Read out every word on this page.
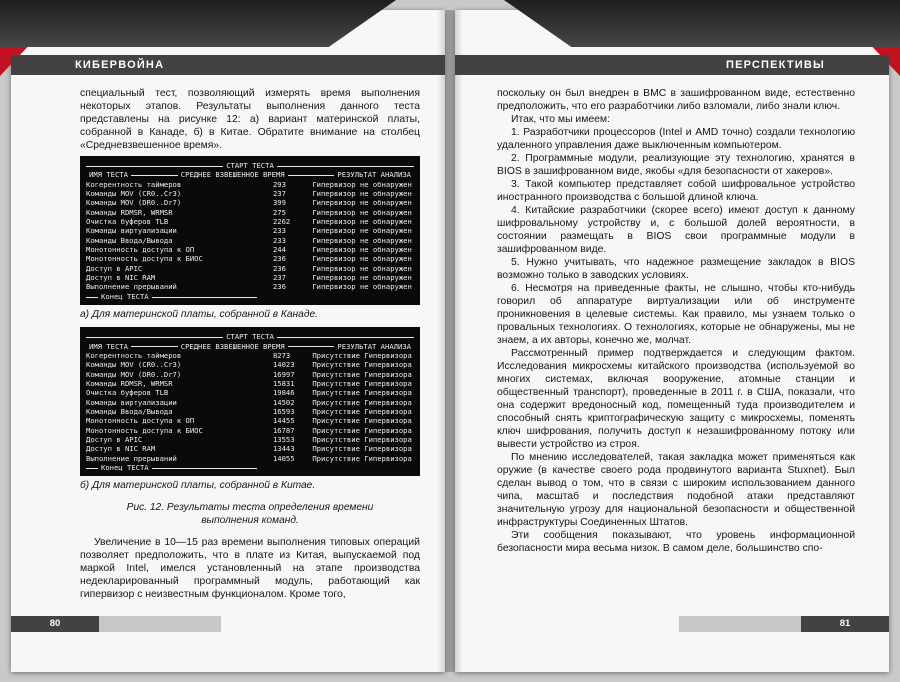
КИБЕРВОЙНА	ПЕРСПЕКТИВЫ

специальный тест, позволяющий измерять время выполнения некоторых этапов. Результаты выполнения данного теста представлены на рисунке 12: а) вариант материнской платы, собранной в Канаде, б) в Китае. Обратите внимание на столбец «Средневзвешенное время».

СТАРТ ТЕСТА
ИМЯ ТЕСТА	СРЕДНЕЕ ВЗВЕШЕННОЕ ВРЕМЯ	РЕЗУЛЬТАТ АНАЛИЗА
Когерентность таймеров	293	Гипервизор не обнаружен
Команды MOV (CR0..Cr3)	237	Гипервизор не обнаружен
Команды MOV (DR0..Dr7)	399	Гипервизор не обнаружен
Команды RDMSR, WRMSR	275	Гипервизор не обнаружен
Очистка буферов TLB	2262	Гипервизор не обнаружен
Команды виртуализации	233	Гипервизор не обнаружен
Команды Ввода/Вывода	233	Гипервизор не обнаружен
Монотонность доступа к ОП	244	Гипервизор не обнаружен
Монотонность доступа к БИОС	236	Гипервизор не обнаружен
Доступ в APIC	236	Гипервизор не обнаружен
Доступ в NIC RAM	237	Гипервизор не обнаружен
Выполнение прерываний	236	Гипервизор не обнаружен
Конец ТЕСТА
а) Для материнской платы, собранной в Канаде.
СТАРТ ТЕСТА
ИМЯ ТЕСТА	СРЕДНЕЕ ВЗВЕШЕННОЕ ВРЕМЯ	РЕЗУЛЬТАТ АНАЛИЗА
Когерентность таймеров	8273	Присутствие Гипервизора
Команды MOV (CR0..Cr3)	14023	Присутствие Гипервизора
Команды MOV (DR0..Dr7)	16997	Присутствие Гипервизора
Команды RDMSR, WRMSR	15831	Присутствие Гипервизора
Очистка буферов TLB	19846	Присутствие Гипервизора
Команды виртуализации	14502	Присутствие Гипервизора
Команды Ввода/Вывода	16593	Присутствие Гипервизора
Монотонность доступа к ОП	14455	Присутствие Гипервизора
Монотонность доступа к БИОС	16787	Присутствие Гипервизора
Доступ в APIC	13553	Присутствие Гипервизора
Доступ в NIC RAM	13443	Присутствие Гипервизора
Выполнение прерываний	14055	Присутствие Гипервизора
Конец ТЕСТА
б) Для материнской платы, собранной в Китае.
Рис. 12. Результаты теста определения времени выполнения команд.

Увеличение в 10—15 раз времени выполнения типовых операций позволяет предположить, что в плате из Китая, выпускаемой под маркой Intel, имелся установленный на этапе производства недекларированный программный модуль, работающий как гипервизор с неизвестным функционалом. Кроме того,

поскольку он был внедрен в ВМС в зашифрованном виде, естественно предположить, что его разработчики либо взломали, либо знали ключ.

Итак, что мы имеем:

1. Разработчики процессоров (Intel и AMD точно) создали технологию удаленного управления даже выключенным компьютером.

2. Программные модули, реализующие эту технологию, хранятся в BIOS в зашифрованном виде, якобы «для безопасности от хакеров».

3. Такой компьютер представляет собой шифровальное устройство иностранного производства с большой длиной ключа.

4. Китайские разработчики (скорее всего) имеют доступ к данному шифровальному устройству и, с большой долей вероятности, в состоянии размещать в BIOS свои программные модули в зашифрованном виде.

5. Нужно учитывать, что надежное размещение закладок в BIOS возможно только в заводских условиях.

6. Несмотря на приведенные факты, не слышно, чтобы кто-нибудь говорил об аппаратуре виртуализации или об инструменте проникновения в целевые системы. Как правило, мы узнаем только о провальных технологиях. О технологиях, которые не обнаружены, мы не знаем, а их авторы, конечно же, молчат.

Рассмотренный пример подтверждается и следующим фактом. Исследования микросхемы китайского производства (используемой во многих системах, включая вооружение, атомные станции и общественный транспорт), проведенные в 2011 г. в США, показали, что она содержит вредоносный код, помещенный туда производителем и способный снять криптографическую защиту с микросхемы, поменять ключ шифрования, получить доступ к незашифрованному потоку или вывести устройство из строя.

По мнению исследователей, такая закладка может применяться как оружие (в качестве своего рода продвинутого варианта Stuxnet). Был сделан вывод о том, что в связи с широким использованием данного чипа, масштаб и последствия подобной атаки представляют значительную угрозу для национальной безопасности и общественной инфраструктуры Соединенных Штатов.

Эти сообщения показывают, что уровень информационной безопасности мира весьма низок. В самом деле, большинство спо-

80	81
